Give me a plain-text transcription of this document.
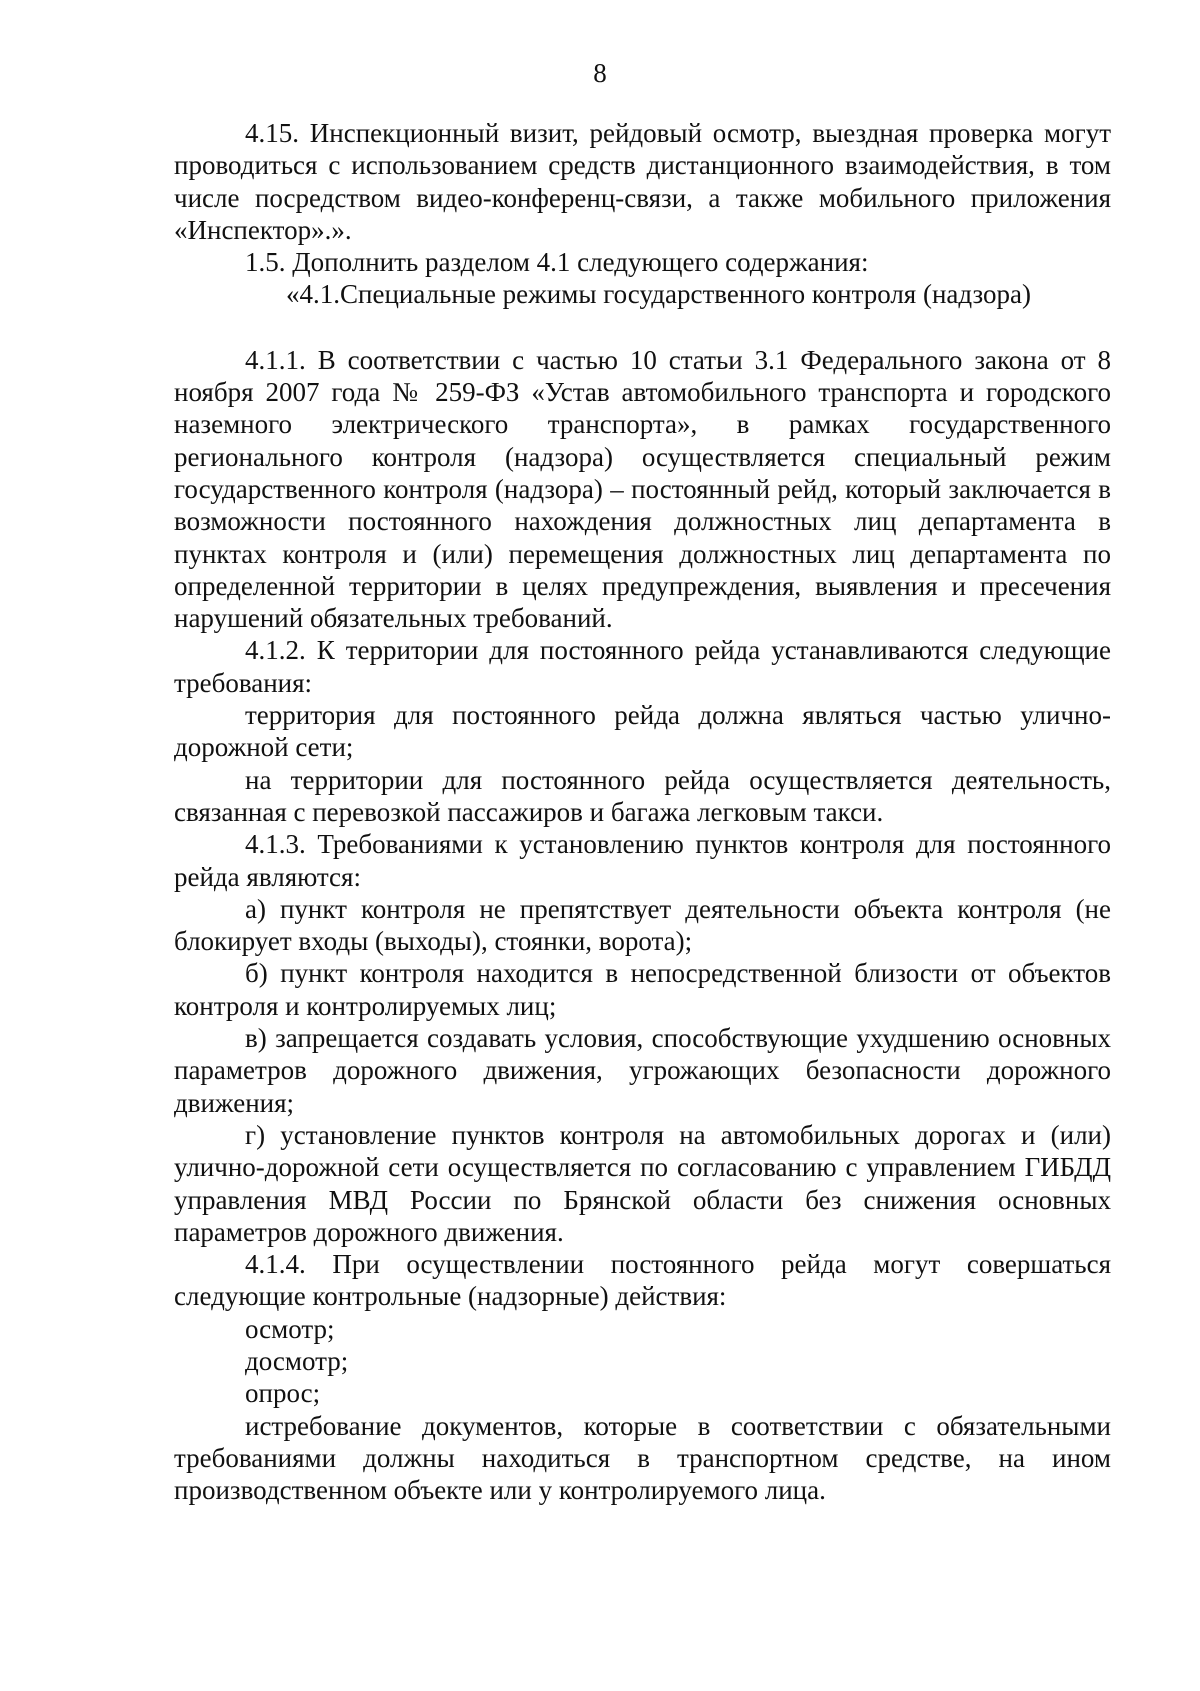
8

4.15. Инспекционный визит, рейдовый осмотр, выездная проверка могут проводиться с использованием средств дистанционного взаимодействия, в том числе посредством видео-конференц-связи, а также мобильного приложения «Инспектор».».

1.5. Дополнить разделом 4.1 следующего содержания:

«4.1.Специальные режимы государственного контроля (надзора)

4.1.1. В соответствии с частью 10 статьи 3.1 Федерального закона от 8 ноября 2007 года № 259-ФЗ «Устав автомобильного транспорта и городского наземного электрического транспорта», в рамках государственного регионального контроля (надзора) осуществляется специальный режим государственного контроля (надзора) – постоянный рейд, который заключается в возможности постоянного нахождения должностных лиц департамента в пунктах контроля и (или) перемещения должностных лиц департамента по определенной территории в целях предупреждения, выявления и пресечения нарушений обязательных требований.

4.1.2. К территории для постоянного рейда устанавливаются следующие требования:

территория для постоянного рейда должна являться частью улично-дорожной сети;

на территории для постоянного рейда осуществляется деятельность, связанная с перевозкой пассажиров и багажа легковым такси.

4.1.3. Требованиями к установлению пунктов контроля для постоянного рейда являются:

а) пункт контроля не препятствует деятельности объекта контроля (не блокирует входы (выходы), стоянки, ворота);

б) пункт контроля находится в непосредственной близости от объектов контроля и контролируемых лиц;

в) запрещается создавать условия, способствующие ухудшению основных параметров дорожного движения, угрожающих безопасности дорожного движения;

г) установление пунктов контроля на автомобильных дорогах и (или) улично-дорожной сети осуществляется по согласованию с управлением ГИБДД управления МВД России по Брянской области без снижения основных параметров дорожного движения.

4.1.4. При осуществлении постоянного рейда могут совершаться следующие контрольные (надзорные) действия:

осмотр;

досмотр;

опрос;

истребование документов, которые в соответствии с обязательными требованиями должны находиться в транспортном средстве, на ином производственном объекте или у контролируемого лица.
